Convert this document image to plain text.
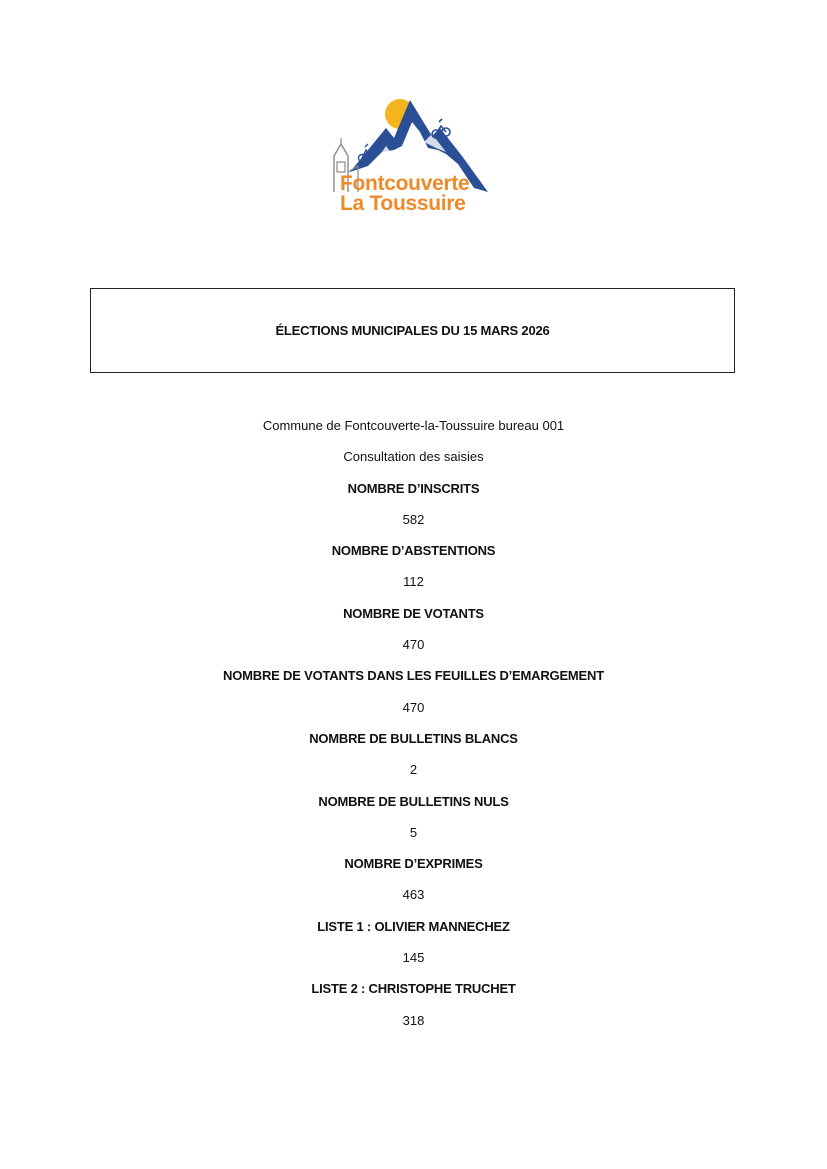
Fontcouverte
La Toussuire
ÉLECTIONS MUNICIPALES DU 15 MARS 2026
Commune de Fontcouverte-la-Toussuire bureau 001
Consultation des saisies
NOMBRE D’INSCRITS
582
NOMBRE D’ABSTENTIONS
112
NOMBRE DE VOTANTS
470
NOMBRE DE VOTANTS DANS LES FEUILLES D’EMARGEMENT
470
NOMBRE DE BULLETINS BLANCS
2
NOMBRE DE BULLETINS NULS
5
NOMBRE D’EXPRIMES
463
LISTE 1 : OLIVIER MANNECHEZ
145
LISTE 2 : CHRISTOPHE TRUCHET
318
